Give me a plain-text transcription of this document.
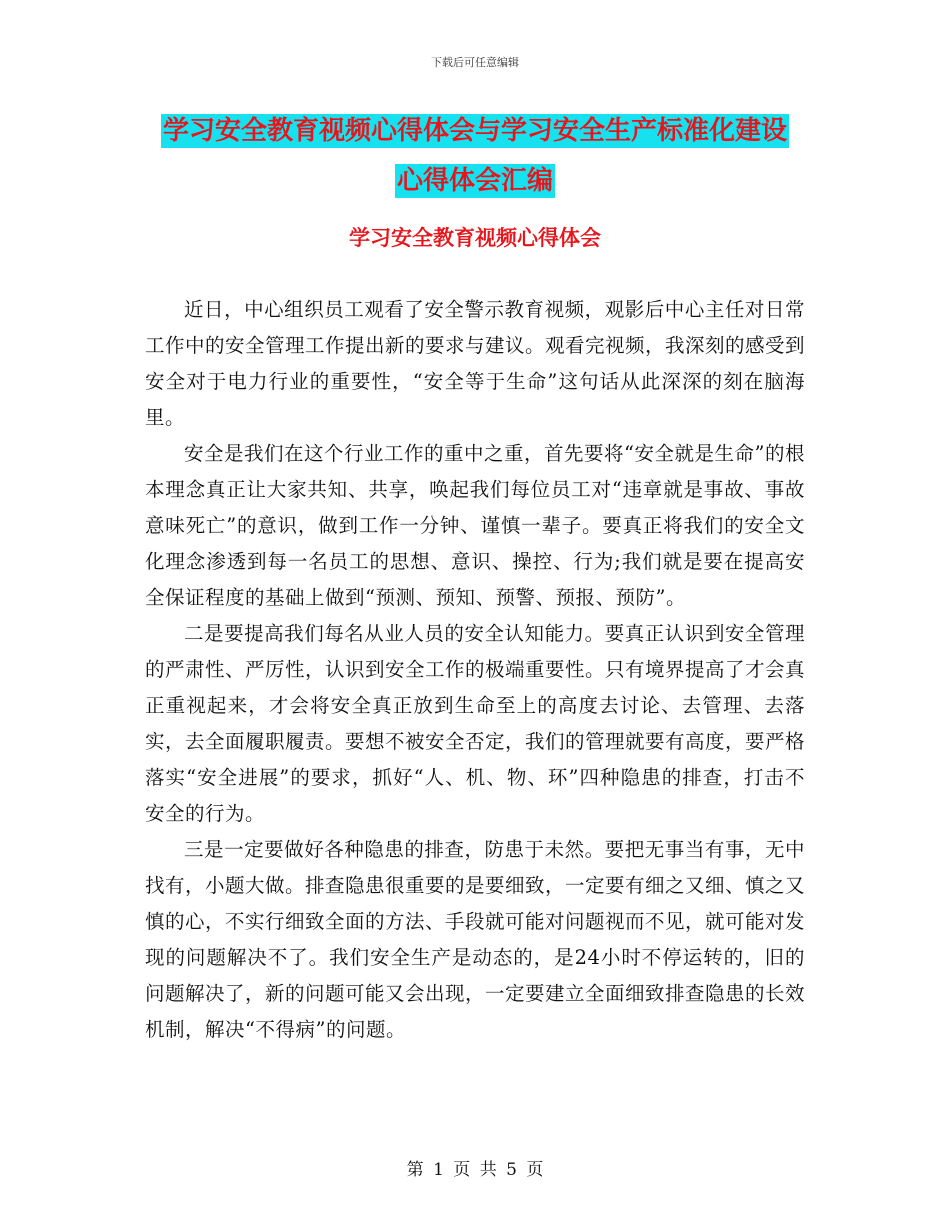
下载后可任意编辑
学习安全教育视频心得体会与学习安全生产标准化建设心得体会汇编
学习安全教育视频心得体会

近日，中心组织员工观看了安全警示教育视频，观影后中心主任对日常工作中的安全管理工作提出新的要求与建议。观看完视频，我深刻的感受到安全对于电力行业的重要性，“安全等于生命”这句话从此深深的刻在脑海里。

安全是我们在这个行业工作的重中之重，首先要将“安全就是生命”的根本理念真正让大家共知、共享，唤起我们每位员工对“违章就是事故、事故意味死亡”的意识，做到工作一分钟、谨慎一辈子。要真正将我们的安全文化理念渗透到每一名员工的思想、意识、操控、行为;我们就是要在提高安全保证程度的基础上做到“预测、预知、预警、预报、预防”。

二是要提高我们每名从业人员的安全认知能力。要真正认识到安全管理的严肃性、严厉性，认识到安全工作的极端重要性。只有境界提高了才会真正重视起来，才会将安全真正放到生命至上的高度去讨论、去管理、去落实，去全面履职履责。要想不被安全否定，我们的管理就要有高度，要严格落实“安全进展”的要求，抓好“人、机、物、环”四种隐患的排查，打击不安全的行为。

三是一定要做好各种隐患的排查，防患于未然。要把无事当有事，无中找有，小题大做。排查隐患很重要的是要细致，一定要有细之又细、慎之又慎的心，不实行细致全面的方法、手段就可能对问题视而不见，就可能对发现的问题解决不了。我们安全生产是动态的，是24小时不停运转的，旧的问题解决了，新的问题可能又会出现，一定要建立全面细致排查隐患的长效机制，解决“不得病”的问题。

第 1 页 共 5 页
